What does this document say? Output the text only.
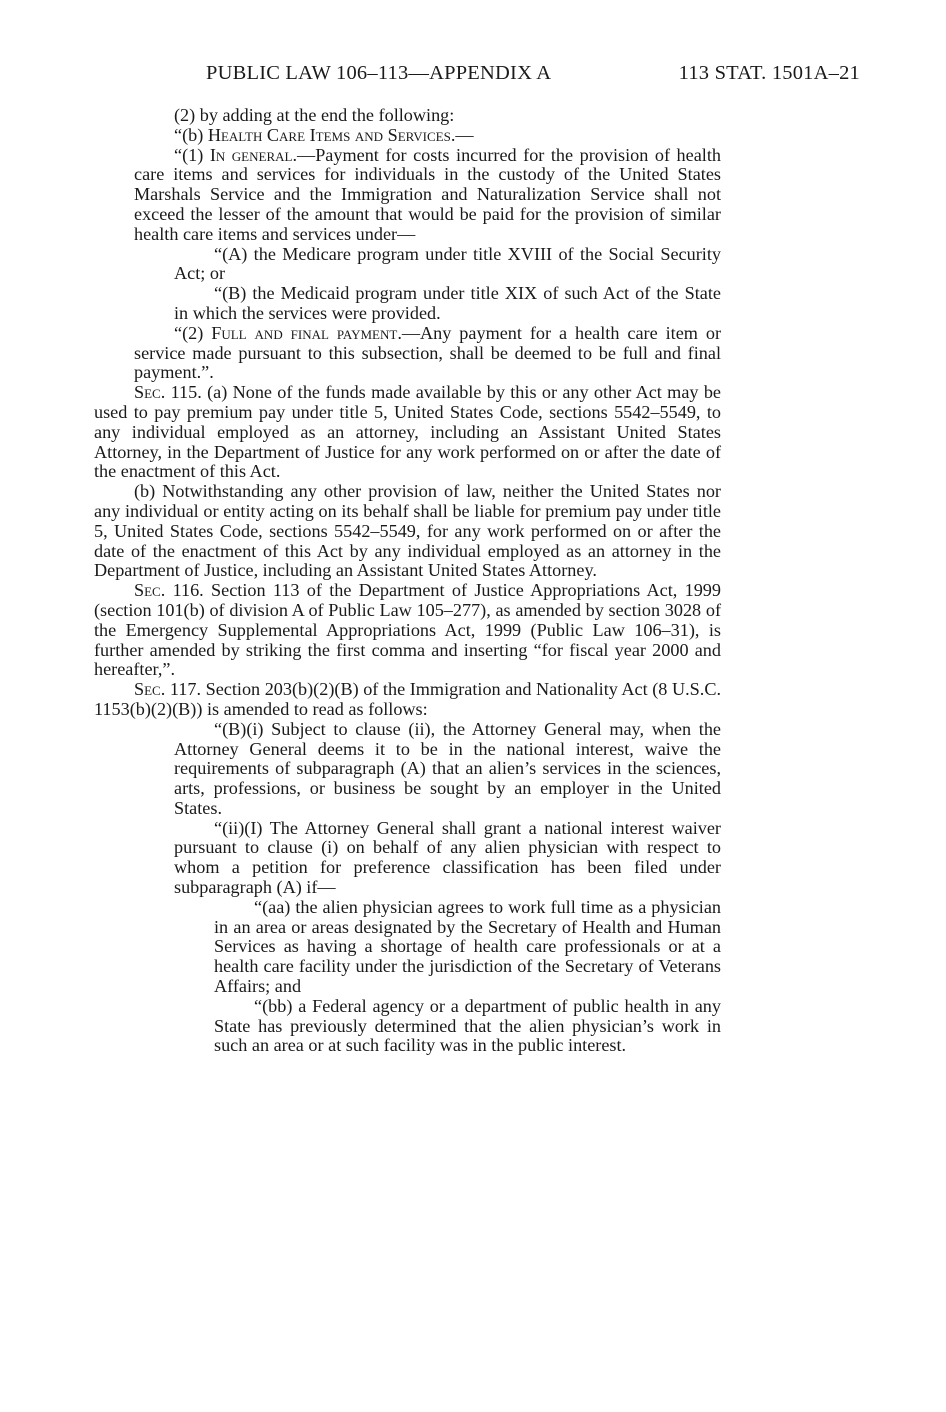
PUBLIC LAW 106–113—APPENDIX A	113 STAT. 1501A–21

(2) by adding at the end the following:

“(b) Health Care Items and Services.—

“(1) In general.—Payment for costs incurred for the provision of health care items and services for individuals in the custody of the United States Marshals Service and the Immigration and Naturalization Service shall not exceed the lesser of the amount that would be paid for the provision of similar health care items and services under—

“(A) the Medicare program under title XVIII of the Social Security Act; or

“(B) the Medicaid program under title XIX of such Act of the State in which the services were provided.

“(2) Full and final payment.—Any payment for a health care item or service made pursuant to this subsection, shall be deemed to be full and final payment.”.

Sec. 115. (a) None of the funds made available by this or any other Act may be used to pay premium pay under title 5, United States Code, sections 5542–5549, to any individual employed as an attorney, including an Assistant United States Attorney, in the Department of Justice for any work performed on or after the date of the enactment of this Act.

(b) Notwithstanding any other provision of law, neither the United States nor any individual or entity acting on its behalf shall be liable for premium pay under title 5, United States Code, sections 5542–5549, for any work performed on or after the date of the enactment of this Act by any individual employed as an attorney in the Department of Justice, including an Assistant United States Attorney.

Sec. 116. Section 113 of the Department of Justice Appropriations Act, 1999 (section 101(b) of division A of Public Law 105–277), as amended by section 3028 of the Emergency Supplemental Appropriations Act, 1999 (Public Law 106–31), is further amended by striking the first comma and inserting “for fiscal year 2000 and hereafter,”.

Sec. 117. Section 203(b)(2)(B) of the Immigration and Nationality Act (8 U.S.C. 1153(b)(2)(B)) is amended to read as follows:

“(B)(i) Subject to clause (ii), the Attorney General may, when the Attorney General deems it to be in the national interest, waive the requirements of subparagraph (A) that an alien’s services in the sciences, arts, professions, or business be sought by an employer in the United States.

“(ii)(I) The Attorney General shall grant a national interest waiver pursuant to clause (i) on behalf of any alien physician with respect to whom a petition for preference classification has been filed under subparagraph (A) if—

“(aa) the alien physician agrees to work full time as a physician in an area or areas designated by the Secretary of Health and Human Services as having a shortage of health care professionals or at a health care facility under the jurisdiction of the Secretary of Veterans Affairs; and

“(bb) a Federal agency or a department of public health in any State has previously determined that the alien physician’s work in such an area or at such facility was in the public interest.
